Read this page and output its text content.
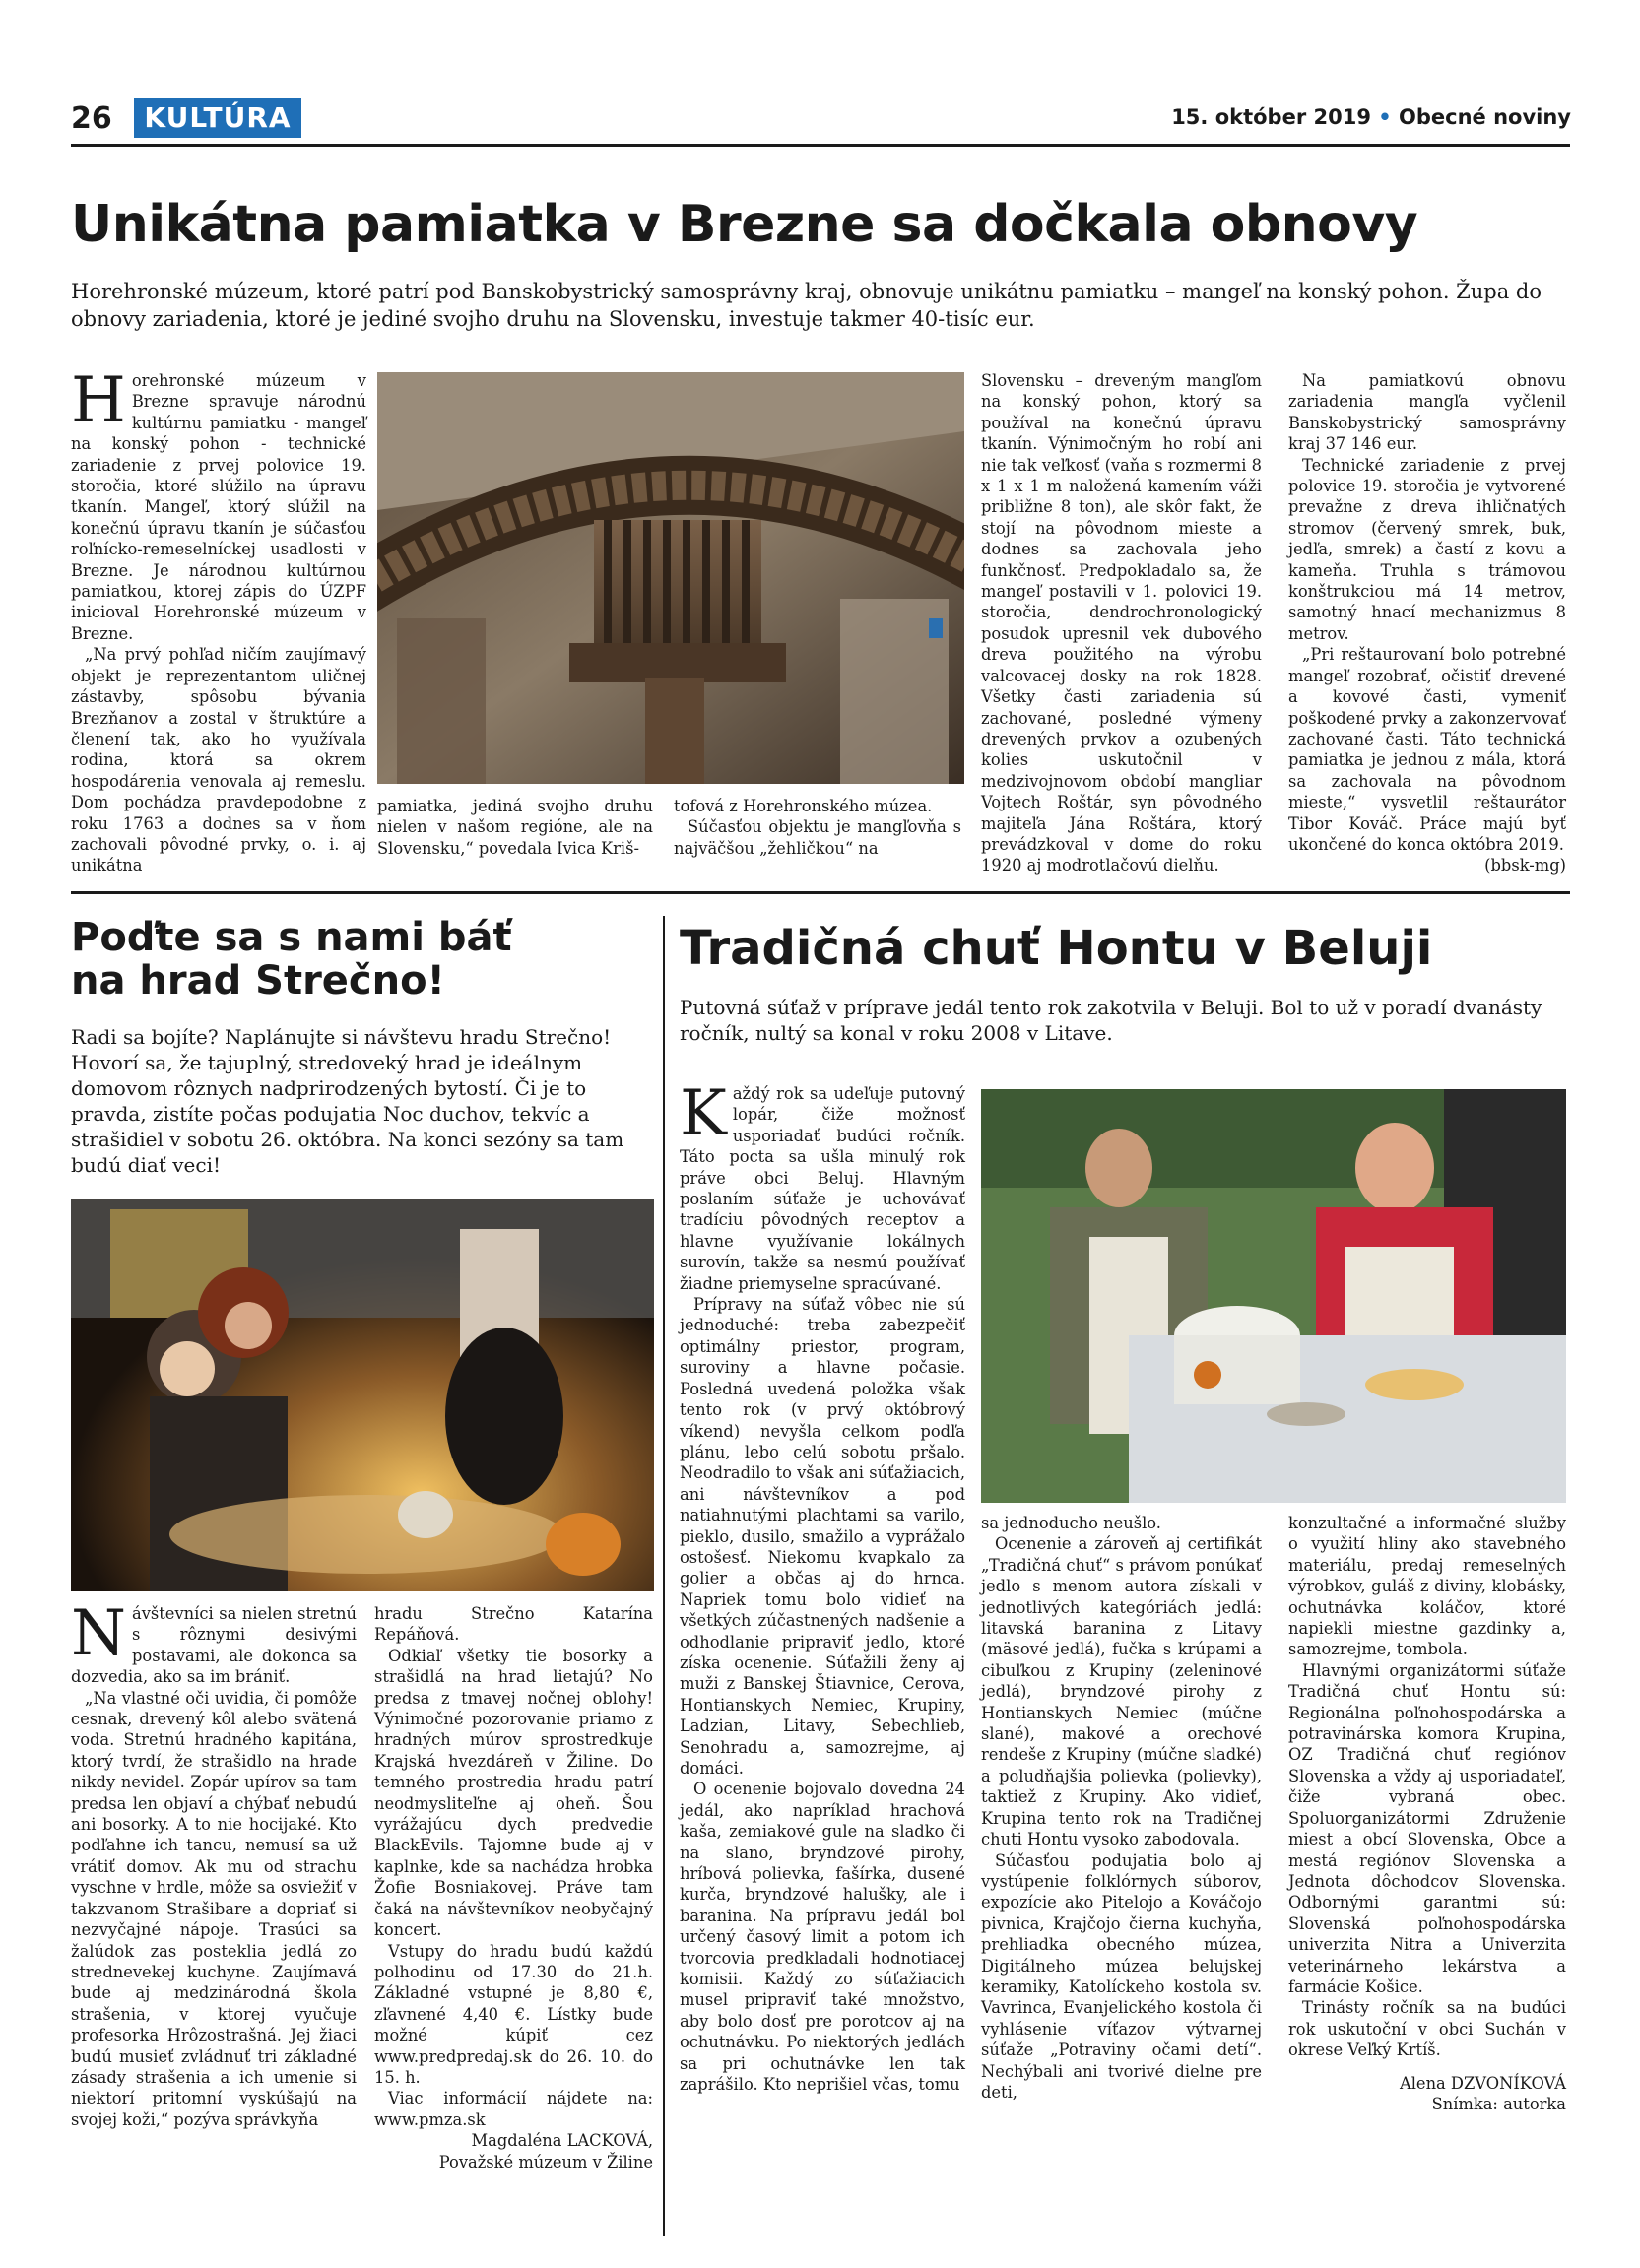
26	KULTÚRA	15. október 2019 • Obecné noviny
Unikátna pamiatka v Brezne sa dočkala obnovy
Horehronské múzeum, ktoré patrí pod Banskobystrický samosprávny kraj, obnovuje unikátnu pamiatku – mangeľ na konský pohon. Župa do obnovy zariadenia, ktoré je jediné svojho druhu na Slovensku, investuje takmer 40-tisíc eur.

Horehronské múzeum v Brezne spravuje národnú kultúrnu pamiatku - mangeľ na konský pohon - technické zariadenie z prvej polovice 19. storočia, ktoré slúžilo na úpravu tkanín. Mangeľ, ktorý slúžil na konečnú úpravu tkanín je súčasťou roľnícko-remeselníckej usadlosti v Brezne. Je národnou kultúrnou pamiatkou, ktorej zápis do ÚZPF inicioval Horehronské múzeum v Brezne.

„Na prvý pohľad ničím zaujímavý objekt je reprezentantom uličnej zástavby, spôsobu bývania Brezňanov a zostal v štruktúre a členení tak, ako ho využívala rodina, ktorá sa okrem hospodárenia venovala aj remeslu. Dom pochádza pravdepodobne z roku 1763 a dodnes sa v ňom zachovali pôvodné prvky, o. i. aj unikátna

pamiatka, jediná svojho druhu nielen v našom regióne, ale na Slovensku,“ povedala Ivica Kriš-

tofová z Horehronského múzea.

Súčasťou objektu je mangľovňa s najväčšou „žehličkou“ na

Slovensku – dreveným mangľom na konský pohon, ktorý sa používal na konečnú úpravu tkanín. Výnimočným ho robí ani nie tak veľkosť (vaňa s rozmermi 8 x 1 x 1 m naložená kamením váži približne 8 ton), ale skôr fakt, že stojí na pôvodnom mieste a dodnes sa zachovala jeho funkčnosť. Predpokladalo sa, že mangeľ postavili v 1. polovici 19. storočia, dendrochronologický posudok upresnil vek dubového dreva použitého na výrobu valcovacej dosky na rok 1828. Všetky časti zariadenia sú zachované, posledné výmeny drevených prvkov a ozubených kolies uskutočnil v medzivojnovom období mangliar Vojtech Roštár, syn pôvodného majiteľa Jána Roštára, ktorý prevádzkoval v dome do roku 1920 aj modrotlačovú dielňu.

Na pamiatkovú obnovu zariadenia mangľa vyčlenil Banskobystrický samosprávny kraj 37 146 eur.

Technické zariadenie z prvej polovice 19. storočia je vytvorené prevažne z dreva ihličnatých stromov (červený smrek, buk, jedľa, smrek) a častí z kovu a kameňa. Truhla s trámovou konštrukciou má 14 metrov, samotný hnací mechanizmus 8 metrov.

„Pri reštaurovaní bolo potrebné mangeľ rozobrať, očistiť drevené a kovové časti, vymeniť poškodené prvky a zakonzervovať zachované časti. Táto technická pamiatka je jednou z mála, ktorá sa zachovala na pôvodnom mieste,“ vysvetlil reštaurátor Tibor Kováč. Práce majú byť ukončené do konca októbra 2019.

(bbsk-mg)
Poďte sa s nami báť
na hrad Strečno!
Radi sa bojíte? Naplánujte si návštevu hradu Strečno! Hovorí sa, že tajuplný, stredoveký hrad je ideálnym domovom rôznych nadprirodzených bytostí. Či je to pravda, zistíte počas podujatia Noc duchov, tekvíc a strašidiel v sobotu 26. októbra. Na konci sezóny sa tam budú diať veci!

Návštevníci sa nielen stretnú s rôznymi desivými postavami, ale dokonca sa dozvedia, ako sa im brániť.

„Na vlastné oči uvidia, či pomôže cesnak, drevený kôl alebo svätená voda. Stretnú hradného kapitána, ktorý tvrdí, že strašidlo na hrade nikdy nevidel. Zopár upírov sa tam predsa len objaví a chýbať nebudú ani bosorky. A to nie hocijaké. Kto podľahne ich tancu, nemusí sa už vrátiť domov. Ak mu od strachu vyschne v hrdle, môže sa osviežiť v takzvanom Strašibare a dopriať si nezvyčajné nápoje. Trasúci sa žalúdok zas posteklia jedlá zo strednevekej kuchyne. Zaujímavá bude aj medzinárodná škola strašenia, v ktorej vyučuje profesorka Hrôzostrašná. Jej žiaci budú musieť zvládnuť tri základné zásady strašenia a ich umenie si niektorí pritomní vyskúšajú na svojej koži,“ pozýva správkyňa

hradu Strečno Katarína Repáňová.

Odkiaľ všetky tie bosorky a strašidlá na hrad lietajú? No predsa z tmavej nočnej oblohy! Výnimočné pozorovanie priamo z hradných múrov sprostredkuje Krajská hvezdáreň v Žiline. Do temného prostredia hradu patrí neodmysliteľne aj oheň. Šou vyrážajúcu dych predvedie BlackEvils. Tajomne bude aj v kaplnke, kde sa nachádza hrobka Žofie Bosniakovej. Práve tam čaká na návštevníkov neobyčajný koncert.

Vstupy do hradu budú každú polhodinu od 17.30 do 21.h. Základné vstupné je 8,80 €, zľavnené 4,40 €. Lístky bude možné kúpiť cez www.predpredaj.sk do 26. 10. do 15. h.

Viac informácií nájdete na: www.pmza.sk

Magdaléna LACKOVÁ,
Považské múzeum v Žiline
Tradičná chuť Hontu v Beluji
Putovná súťaž v príprave jedál tento rok zakotvila v Beluji. Bol to už v poradí dvanásty ročník, nultý sa konal v roku 2008 v Litave.

Každý rok sa udeľuje putovný lopár, čiže možnosť usporiadať budúci ročník. Táto pocta sa ušla minulý rok práve obci Beluj. Hlavným poslaním súťaže je uchovávať tradíciu pôvodných receptov a hlavne využívanie lokálnych surovín, takže sa nesmú používať žiadne priemyselne spracúvané.

Prípravy na súťaž vôbec nie sú jednoduché: treba zabezpečiť optimálny priestor, program, suroviny a hlavne počasie. Posledná uvedená položka však tento rok (v prvý októbrový víkend) nevyšla celkom podľa plánu, lebo celú sobotu pršalo. Neodradilo to však ani súťažiacich, ani návštevníkov a pod natiahnutými plachtami sa varilo, pieklo, dusilo, smažilo a vyprážalo ostošesť. Niekomu kvapkalo za golier a občas aj do hrnca. Napriek tomu bolo vidieť na všetkých zúčastnených nadšenie a odhodlanie pripraviť jedlo, ktoré získa ocenenie. Súťažili ženy aj muži z Banskej Štiavnice, Cerova, Hontianskych Nemiec, Krupiny, Ladzian, Litavy, Sebechlieb, Senohradu a, samozrejme, aj domáci.

O ocenenie bojovalo dovedna 24 jedál, ako napríklad hrachová kaša, zemiakové gule na sladko či na slano, bryndzové pirohy, hríbová polievka, fašírka, dusené kurča, bryndzové halušky, ale i baranina. Na prípravu jedál bol určený časový limit a potom ich tvorcovia predkladali hodnotiacej komisii. Každý zo súťažiacich musel pripraviť také množstvo, aby bolo dosť pre porotcov aj na ochutnávku. Po niektorých jedlách sa pri ochutnávke len tak zaprášilo. Kto neprišiel včas, tomu

sa jednoducho neušlo.

Ocenenie a zároveň aj certifikát „Tradičná chuť“ s právom ponúkať jedlo s menom autora získali v jednotlivých kategóriách jedlá: litavská baranina z Litavy (mäsové jedlá), fučka s krúpami a cibuľkou z Krupiny (zeleninové jedlá), bryndzové pirohy z Hontianskych Nemiec (múčne slané), makové a orechové rendeše z Krupiny (múčne sladké) a poludňajšia polievka (polievky), taktiež z Krupiny. Ako vidieť, Krupina tento rok na Tradičnej chuti Hontu vysoko zabodovala.

Súčasťou podujatia bolo aj vystúpenie folklórnych súborov, expozície ako Pitelojo a Kováčojo pivnica, Krajčojo čierna kuchyňa, prehliadka obecného múzea, Digitálneho múzea belujskej keramiky, Katolíckeho kostola sv. Vavrinca, Evanjelického kostola či vyhlásenie víťazov výtvarnej súťaže „Potraviny očami detí“. Nechýbali ani tvorivé dielne pre deti,

konzultačné a informačné služby o využití hliny ako stavebného materiálu, predaj remeselných výrobkov, guláš z diviny, klobásky, ochutnávka koláčov, ktoré napiekli miestne gazdinky a, samozrejme, tombola.

Hlavnými organizátormi súťaže Tradičná chuť Hontu sú: Regionálna poľnohospodárska a potravinárska komora Krupina, OZ Tradičná chuť regiónov Slovenska a vždy aj usporiadateľ, čiže vybraná obec. Spoluorganizátormi Združenie miest a obcí Slovenska, Obce a mestá regiónov Slovenska a Jednota dôchodcov Slovenska. Odbornými garantmi sú: Slovenská poľnohospodárska univerzita Nitra a Univerzita veterinárneho lekárstva a farmácie Košice.

Trinásty ročník sa na budúci rok uskutoční v obci Suchán v okrese Veľký Krtíš.

Alena DZVONÍKOVÁ
Snímka: autorka
